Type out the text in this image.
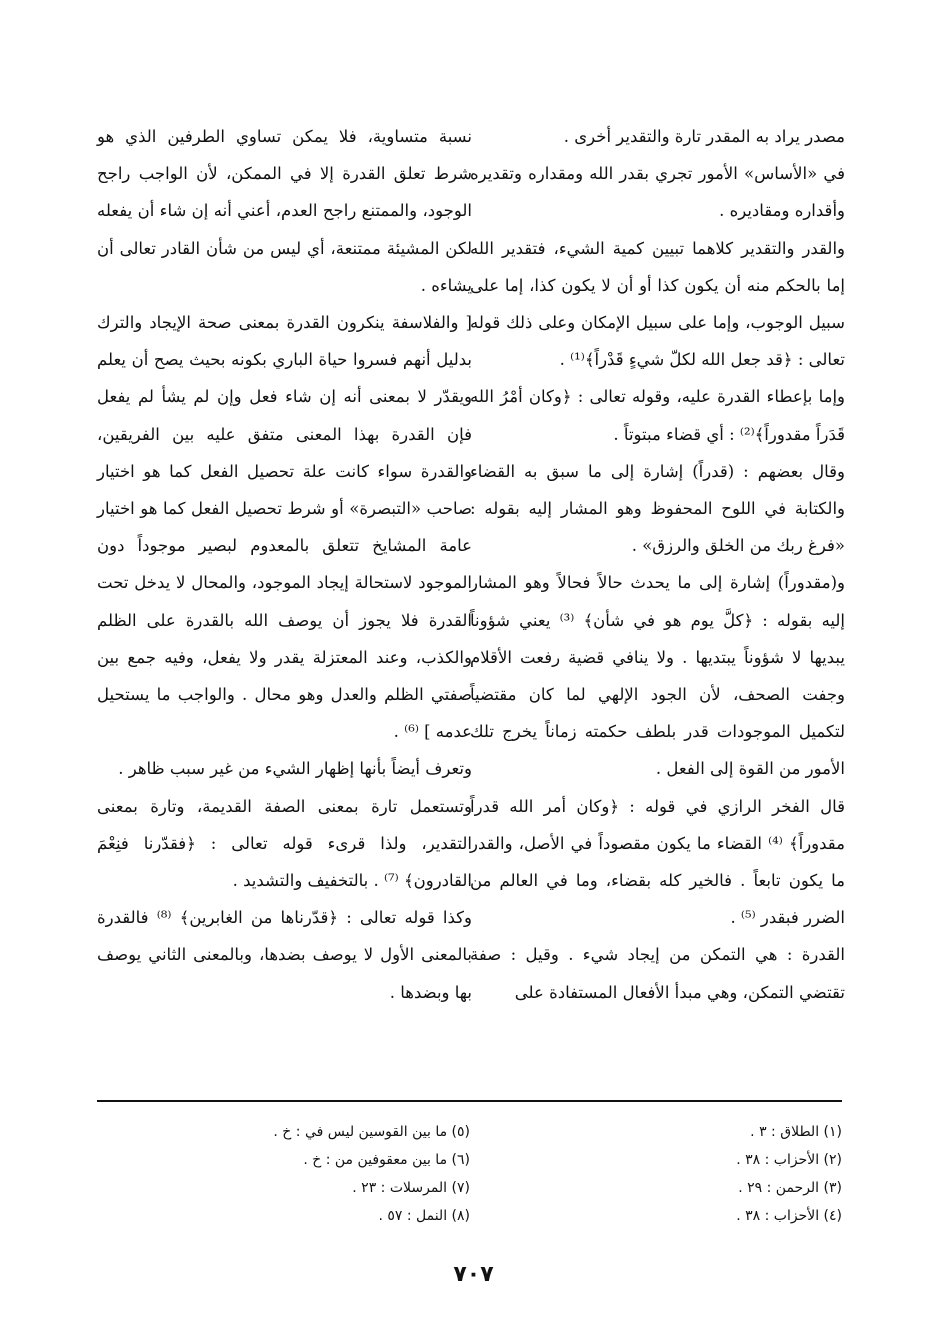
مصدر يراد به المقدر تارة والتقدير أخرى .

في «الأساس» الأمور تجري بقدر الله ومقداره وتقديره وأقداره ومقاديره .

والقدر والتقدير كلاهما تبيين كمية الشيء، فتقدير الله إما بالحكم منه أن يكون كذا أو أن لا يكون كذا، إما على سبيل الوجوب، وإما على سبيل الإمكان وعلى ذلك قوله تعالى : ﴿قد جعل الله لكلّ شيءٍ قَدْراً﴾⁽¹⁾ .

وإما بإعطاء القدرة عليه، وقوله تعالى : ﴿وكان أمْرُ الله قَدَراً مقدوراً﴾⁽²⁾ : أي قضاء مبتوتاً .

وقال بعضهم : (قدراً) إشارة إلى ما سبق به القضاء والكتابة في اللوح المحفوظ وهو المشار إليه بقوله : «فرغ ربك من الخلق والرزق» .

و(مقدوراً) إشارة إلى ما يحدث حالاً فحالاً وهو المشار إليه بقوله : ﴿كلَّ يوم هو في شأن﴾ ⁽³⁾ يعني شؤوناً يبديها لا شؤوناً يبتديها . ولا ينافي قضية رفعت الأقلام وجفت الصحف، لأن الجود الإلهي لما كان مقتضياً لتكميل الموجودات قدر بلطف حكمته زماناً يخرج تلك الأمور من القوة إلى الفعل .

قال الفخر الرازي في قوله : ﴿وكان أمر الله قدراً مقدوراً﴾ ⁽⁴⁾ القضاء ما يكون مقصوداً في الأصل، والقدر ما يكون تابعاً . فالخير كله بقضاء، وما في العالم من الضرر فبقدر ⁽⁵⁾ .

القدرة : هي التمكن من إيجاد شيء . وقيل : صفة تقتضي التمكن، وهي مبدأ الأفعال المستفادة على

نسبة متساوية، فلا يمكن تساوي الطرفين الذي هو شرط تعلق القدرة إلا في الممكن، لأن الواجب راجح الوجود، والممتنع راجح العدم، أعني أنه إن شاء أن يفعله لكن المشيئة ممتنعة، أي ليس من شأن القادر تعالى أن يشاءه .

[ والفلاسفة ينكرون القدرة بمعنى صحة الإيجاد والترك بدليل أنهم فسروا حياة الباري بكونه بحيث يصح أن يعلم ويقدّر لا بمعنى أنه إن شاء فعل وإن لم يشأ لم يفعل فإن القدرة بهذا المعنى متفق عليه بين الفريقين، والقدرة سواء كانت علة تحصيل الفعل كما هو اختيار صاحب «التبصرة» أو شرط تحصيل الفعل كما هو اختيار عامة المشايخ تتعلق بالمعدوم لبصير موجوداً دون الموجود لاستحالة إيجاد الموجود، والمحال لا يدخل تحت القدرة فلا يجوز أن يوصف الله بالقدرة على الظلم والكذب، وعند المعتزلة يقدر ولا يفعل، وفيه جمع بين صفتي الظلم والعدل وهو محال . والواجب ما يستحيل عدمه ] ⁽⁶⁾ .

وتعرف أيضاً بأنها إظهار الشيء من غير سبب ظاهر .

وتستعمل تارة بمعنى الصفة القديمة، وتارة بمعنى التقدير، ولذا قرىء قوله تعالى : ﴿فقدّرنا فنِعْمَ القادرون﴾ ⁽⁷⁾ . بالتخفيف والتشديد .

وكذا قوله تعالى : ﴿قدّرناها من الغابرين﴾ ⁽⁸⁾ فالقدرة بالمعنى الأول لا يوصف بضدها، وبالمعنى الثاني يوصف بها وبضدها .

(١) الطلاق : ٣ .
(٢) الأحزاب : ٣٨ .
(٣) الرحمن : ٢٩ .
(٤) الأحزاب : ٣٨ .
(٥) ما بين القوسين ليس في : خ .
(٦) ما بين معقوفين من : خ .
(٧) المرسلات : ٢٣ .
(٨) النمل : ٥٧ .
٧٠٧
